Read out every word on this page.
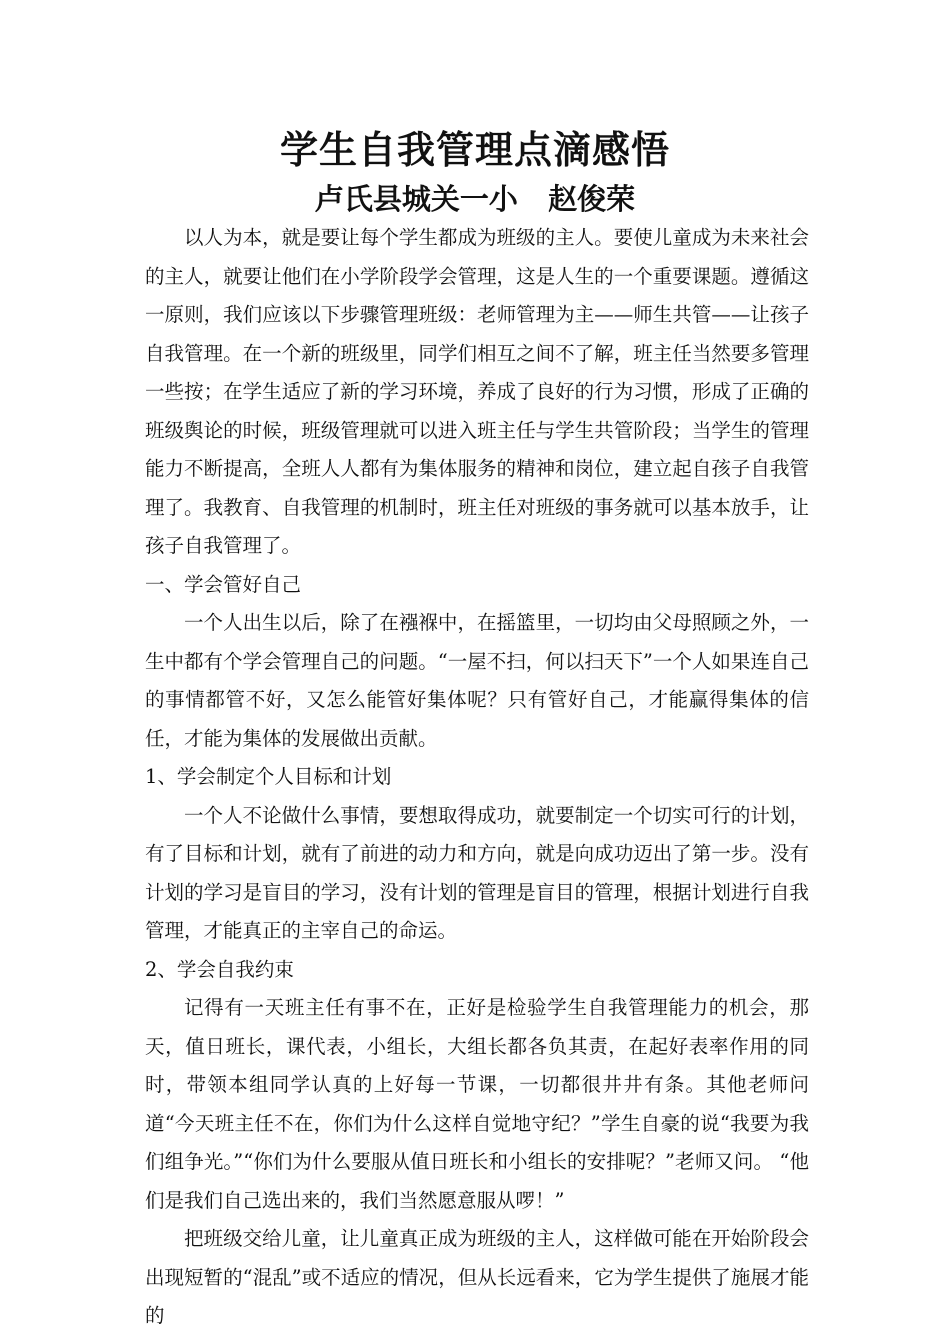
学生自我管理点滴感悟
卢氏县城关一小   赵俊荣

以人为本，就是要让每个学生都成为班级的主人。要使儿童成为未来社会的主人，就要让他们在小学阶段学会管理，这是人生的一个重要课题。遵循这一原则，我们应该以下步骤管理班级：老师管理为主——师生共管——让孩子自我管理。在一个新的班级里，同学们相互之间不了解，班主任当然要多管理一些按；在学生适应了新的学习环境，养成了良好的行为习惯，形成了正确的班级舆论的时候，班级管理就可以进入班主任与学生共管阶段；当学生的管理能力不断提高，全班人人都有为集体服务的精神和岗位，建立起自孩子自我管理了。我教育、自我管理的机制时，班主任对班级的事务就可以基本放手，让孩子自我管理了。

一、学会管好自己

一个人出生以后，除了在襁褓中，在摇篮里，一切均由父母照顾之外，一生中都有个学会管理自己的问题。“一屋不扫，何以扫天下”一个人如果连自己的事情都管不好，又怎么能管好集体呢？只有管好自己，才能赢得集体的信任，才能为集体的发展做出贡献。

1、学会制定个人目标和计划

一个人不论做什么事情，要想取得成功，就要制定一个切实可行的计划，有了目标和计划，就有了前进的动力和方向，就是向成功迈出了第一步。没有计划的学习是盲目的学习，没有计划的管理是盲目的管理，根据计划进行自我管理，才能真正的主宰自己的命运。

2、学会自我约束

记得有一天班主任有事不在，正好是检验学生自我管理能力的机会，那天，值日班长，课代表，小组长，大组长都各负其责，在起好表率作用的同时，带领本组同学认真的上好每一节课，一切都很井井有条。其他老师问道“今天班主任不在，你们为什么这样自觉地守纪？”学生自豪的说“我要为我们组争光。”“你们为什么要服从值日班长和小组长的安排呢？”老师又问。 “他们是我们自己选出来的，我们当然愿意服从啰！”

把班级交给儿童，让儿童真正成为班级的主人，这样做可能在开始阶段会出现短暂的“混乱”或不适应的情况，但从长远看来，它为学生提供了施展才能的
